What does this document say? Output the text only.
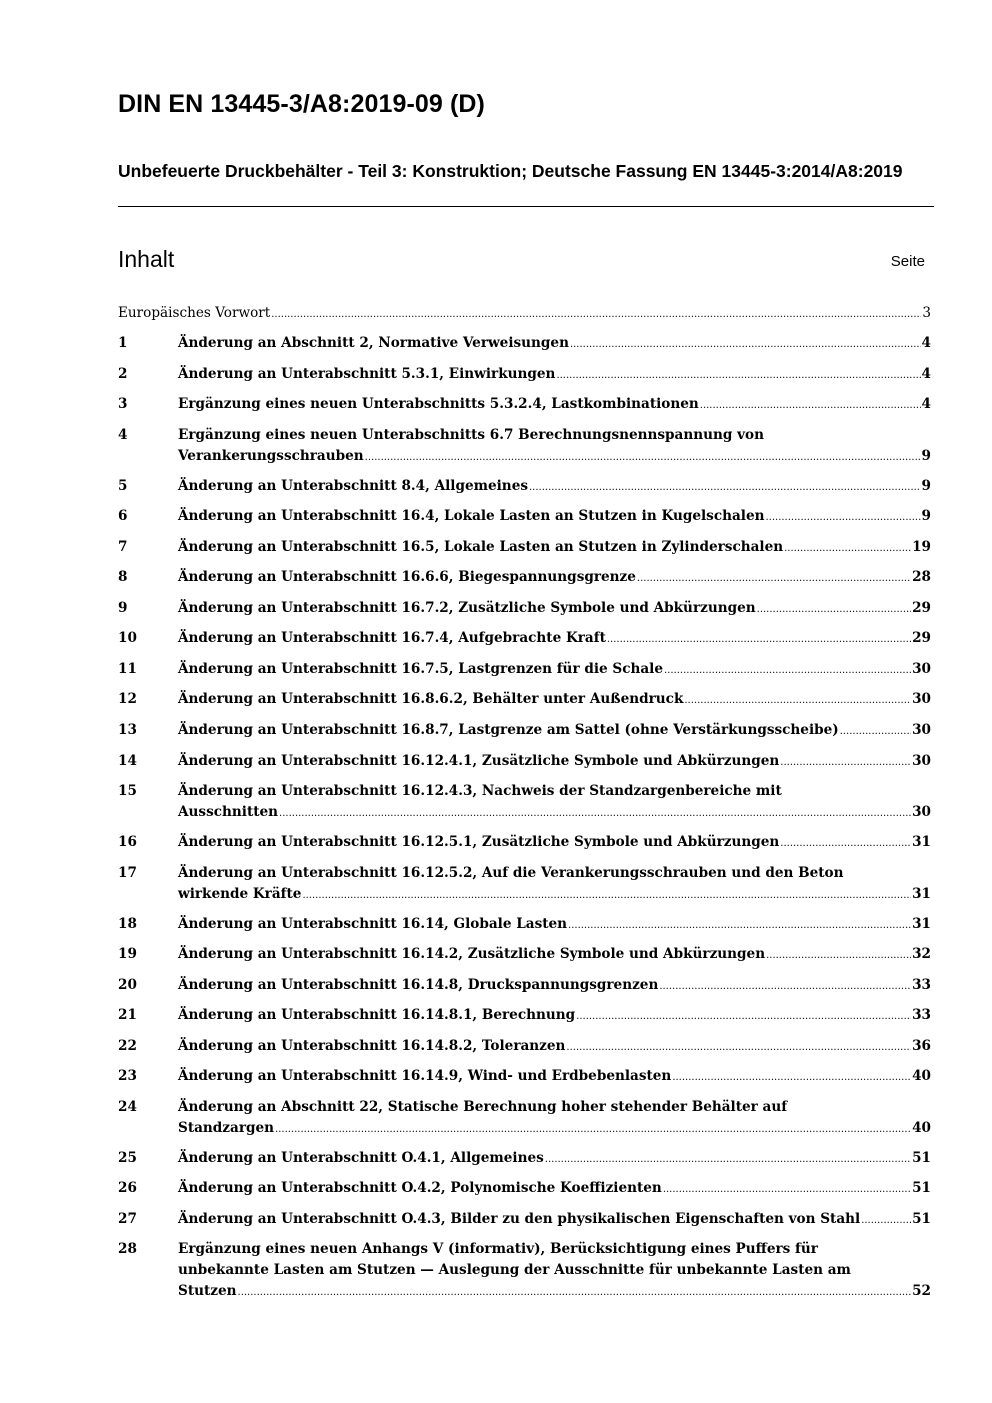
DIN EN 13445-3/A8:2019-09 (D)
Unbefeuerte Druckbehälter - Teil 3: Konstruktion; Deutsche Fassung EN 13445-3:2014/A8:2019
Inhalt	Seite
Europäisches Vorwort .....	3
1	Änderung an Abschnitt 2, Normative Verweisungen .....	4
2	Änderung an Unterabschnitt 5.3.1, Einwirkungen .....	4
3	Ergänzung eines neuen Unterabschnitts 5.3.2.4, Lastkombinationen .....	4
4	Ergänzung eines neuen Unterabschnitts 6.7 Berechnungsnennspannung von
Verankerungsschrauben .....	9
5	Änderung an Unterabschnitt 8.4, Allgemeines .....	9
6	Änderung an Unterabschnitt 16.4, Lokale Lasten an Stutzen in Kugelschalen .....	9
7	Änderung an Unterabschnitt 16.5, Lokale Lasten an Stutzen in Zylinderschalen .....	19
8	Änderung an Unterabschnitt 16.6.6, Biegespannungsgrenze .....	28
9	Änderung an Unterabschnitt 16.7.2, Zusätzliche Symbole und Abkürzungen .....	29
10	Änderung an Unterabschnitt 16.7.4, Aufgebrachte Kraft .....	29
11	Änderung an Unterabschnitt 16.7.5, Lastgrenzen für die Schale .....	30
12	Änderung an Unterabschnitt 16.8.6.2, Behälter unter Außendruck .....	30
13	Änderung an Unterabschnitt 16.8.7, Lastgrenze am Sattel (ohne Verstärkungsscheibe) .....	30
14	Änderung an Unterabschnitt 16.12.4.1, Zusätzliche Symbole und Abkürzungen .....	30
15	Änderung an Unterabschnitt 16.12.4.3, Nachweis der Standzargenbereiche mit
Ausschnitten .....	30
16	Änderung an Unterabschnitt 16.12.5.1, Zusätzliche Symbole und Abkürzungen .....	31
17	Änderung an Unterabschnitt 16.12.5.2, Auf die Verankerungsschrauben und den Beton
wirkende Kräfte .....	31
18	Änderung an Unterabschnitt 16.14, Globale Lasten .....	31
19	Änderung an Unterabschnitt 16.14.2, Zusätzliche Symbole und Abkürzungen .....	32
20	Änderung an Unterabschnitt 16.14.8, Druckspannungsgrenzen .....	33
21	Änderung an Unterabschnitt 16.14.8.1, Berechnung .....	33
22	Änderung an Unterabschnitt 16.14.8.2, Toleranzen .....	36
23	Änderung an Unterabschnitt 16.14.9, Wind- und Erdbebenlasten .....	40
24	Änderung an Abschnitt 22, Statische Berechnung hoher stehender Behälter auf
Standzargen .....	40
25	Änderung an Unterabschnitt O.4.1, Allgemeines .....	51
26	Änderung an Unterabschnitt O.4.2, Polynomische Koeffizienten .....	51
27	Änderung an Unterabschnitt O.4.3, Bilder zu den physikalischen Eigenschaften von Stahl .....	51
28	Ergänzung eines neuen Anhangs V (informativ), Berücksichtigung eines Puffers für
unbekannte Lasten am Stutzen — Auslegung der Ausschnitte für unbekannte Lasten am
Stutzen .....	52
